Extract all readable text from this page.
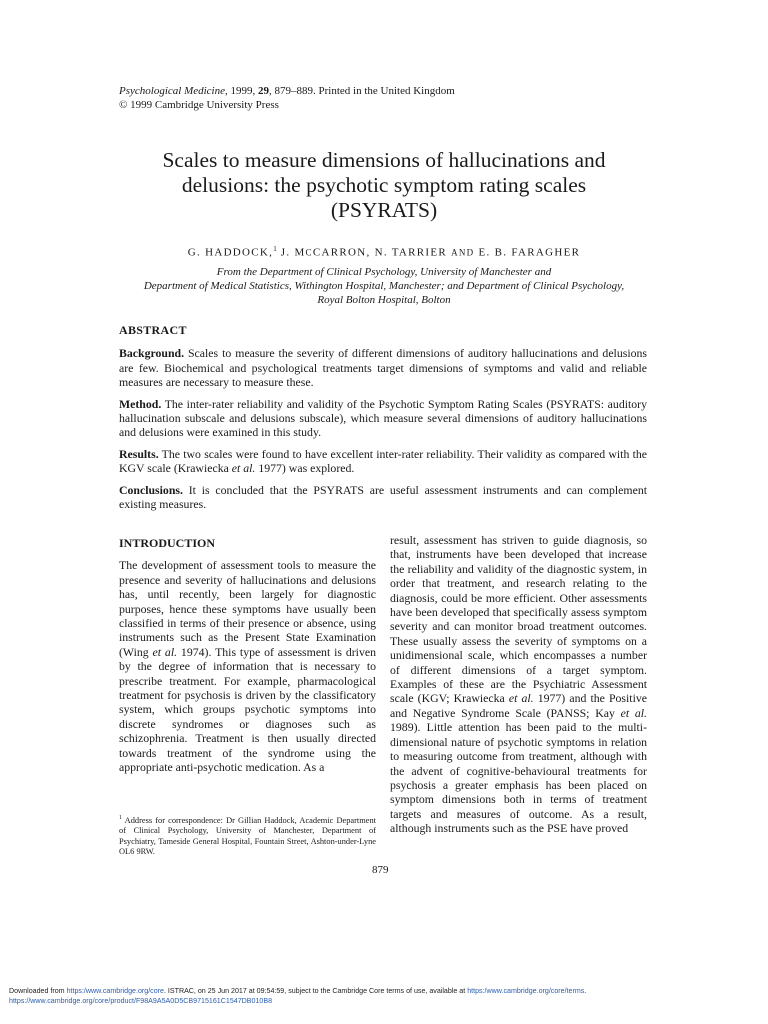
Psychological Medicine, 1999, 29, 879–889. Printed in the United Kingdom
© 1999 Cambridge University Press
Scales to measure dimensions of hallucinations and
delusions: the psychotic symptom rating scales
(PSYRATS)
G. HADDOCK,$^1$ J. MCCARRON, N. TARRIER AND E. B. FARAGHER
From the Department of Clinical Psychology, University of Manchester and
Department of Medical Statistics, Withington Hospital, Manchester; and Department of Clinical Psychology,
Royal Bolton Hospital, Bolton
ABSTRACT

Background. Scales to measure the severity of different dimensions of auditory hallucinations and delusions are few. Biochemical and psychological treatments target dimensions of symptoms and valid and reliable measures are necessary to measure these.

Method. The inter-rater reliability and validity of the Psychotic Symptom Rating Scales (PSYRATS: auditory hallucination subscale and delusions subscale), which measure several dimensions of auditory hallucinations and delusions were examined in this study.

Results. The two scales were found to have excellent inter-rater reliability. Their validity as compared with the KGV scale (Krawiecka et al. 1977) was explored.

Conclusions. It is concluded that the PSYRATS are useful assessment instruments and can complement existing measures.

INTRODUCTION

The development of assessment tools to measure the presence and severity of hallucinations and delusions has, until recently, been largely for diagnostic purposes, hence these symptoms have usually been classified in terms of their presence or absence, using instruments such as the Present State Examination (Wing et al. 1974). This type of assessment is driven by the degree of information that is necessary to prescribe treatment. For example, pharmacological treatment for psychosis is driven by the classificatory system, which groups psychotic symptoms into discrete syndromes or diagnoses such as schizophrenia. Treatment is then usually directed towards treatment of the syndrome using the appropriate anti-psychotic medication. As a

result, assessment has striven to guide diagnosis, so that, instruments have been developed that increase the reliability and validity of the diagnostic system, in order that treatment, and research relating to the diagnosis, could be more efficient. Other assessments have been developed that specifically assess symptom severity and can monitor broad treatment outcomes. These usually assess the severity of symptoms on a unidimensional scale, which encompasses a number of different dimensions of a target symptom. Examples of these are the Psychiatric Assessment scale (KGV; Krawiecka et al. 1977) and the Positive and Negative Syndrome Scale (PANSS; Kay et al. 1989). Little attention has been paid to the multi-dimensional nature of psychotic symptoms in relation to measuring outcome from treatment, although with the advent of cognitive-behavioural treatments for psychosis a greater emphasis has been placed on symptom dimensions both in terms of treatment targets and measures of outcome. As a result, although instruments such as the PSE have proved

$^1$ Address for correspondence: Dr Gillian Haddock, Academic Department of Clinical Psychology, University of Manchester, Department of Psychiatry, Tameside General Hospital, Fountain Street, Ashton-under-Lyne OL6 9RW.
879
Downloaded from https:/www.cambridge.org/core. ISTRAC, on 25 Jun 2017 at 09:54:59, subject to the Cambridge Core terms of use, available at https:/www.cambridge.org/core/terms.
https://www.cambridge.org/core/product/F98A9A5A0D5CB9715161C1547DB010B8
